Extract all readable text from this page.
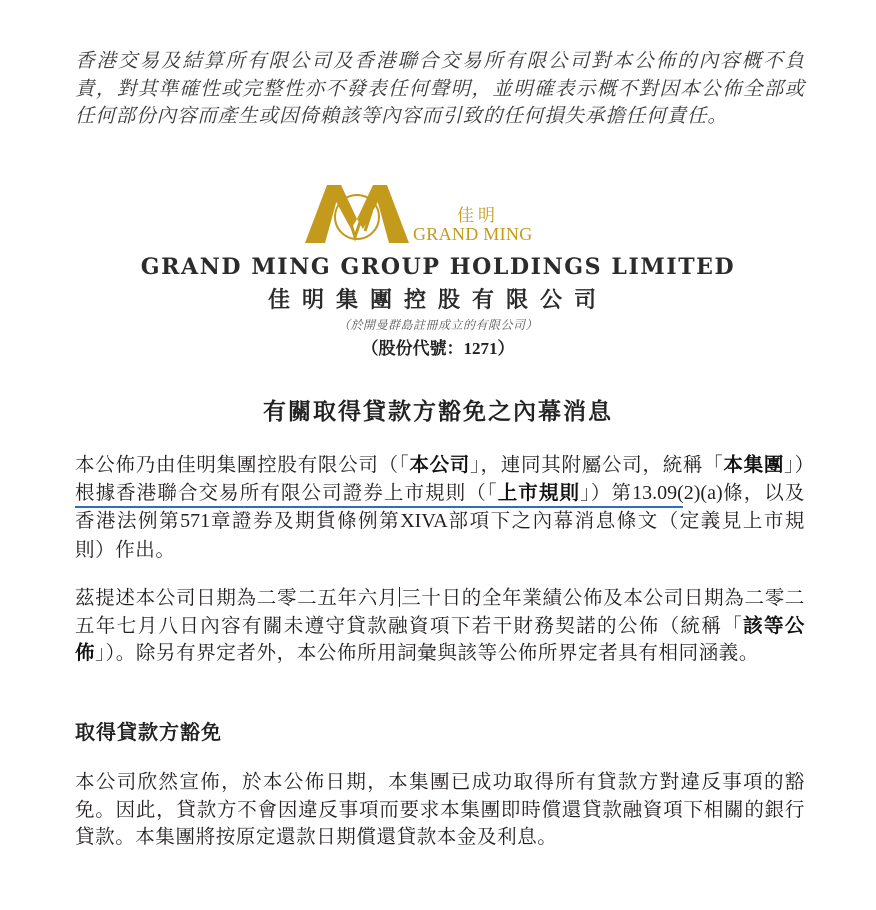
香港交易及結算所有限公司及香港聯合交易所有限公司對本公佈的內容概不負責，對其準確性或完整性亦不發表任何聲明，並明確表示概不對因本公佈全部或任何部份內容而產生或因倚賴該等內容而引致的任何損失承擔任何責任。

佳明
GRAND MING
GRAND MING GROUP HOLDINGS LIMITED
佳明集團控股有限公司
（於開曼群島註冊成立的有限公司）
（股份代號：1271）
有關取得貸款方豁免之內幕消息

本公佈乃由佳明集團控股有限公司（「本公司」，連同其附屬公司，統稱「本集團」）根據香港聯合交易所有限公司證券上市規則（「上市規則」）第13.09(2)(a)條，以及香港法例第571章證券及期貨條例第XIVA部項下之內幕消息條文（定義見上市規則）作出。

茲提述本公司日期為二零二五年六月 三十日的全年業績公佈及本公司日期為二零二五年七月八日內容有關未遵守貸款融資項下若干財務契諾的公佈（統稱「該等公佈」）。除另有界定者外，本公佈所用詞彙與該等公佈所界定者具有相同涵義。

取得貸款方豁免

本公司欣然宣佈，於本公佈日期，本集團已成功取得所有貸款方對違反事項的豁免。因此，貸款方不會因違反事項而要求本集團即時償還貸款融資項下相關的銀行貸款。本集團將按原定還款日期償還貸款本金及利息。
